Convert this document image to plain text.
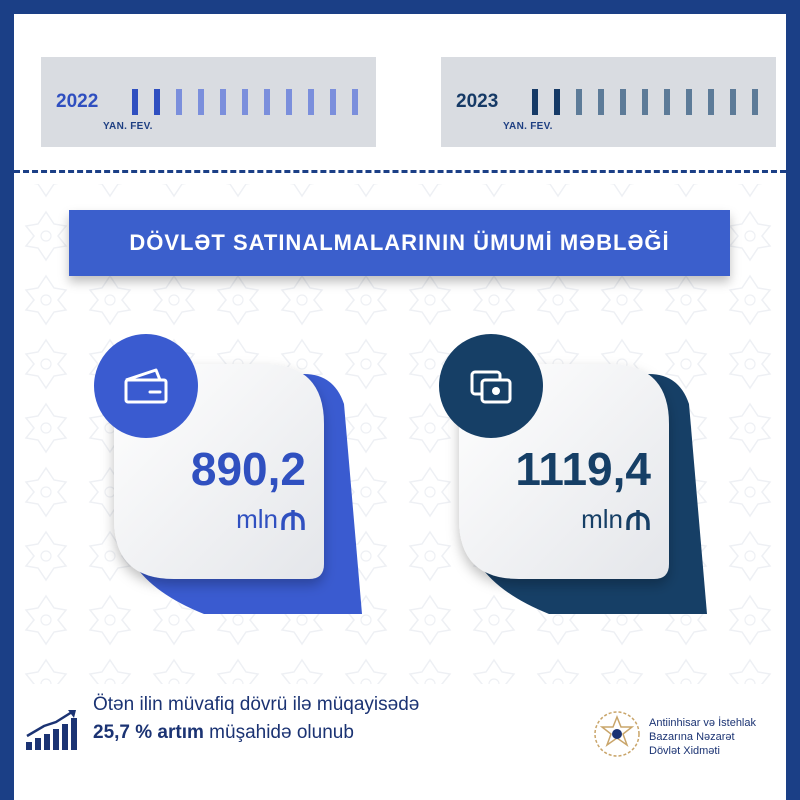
2022
YAN. FEV.
2023
YAN. FEV.
DÖVLƏT SATINALMALARININ ÜMUMİ MƏBLƏĞİ
890,2
mln
1119,4
mln
Ötən ilin müvafiq dövrü ilə müqayisədə
25,7 % artım müşahidə olunub	Antiinhisar və İstehlak
Bazarına Nəzarət
Dövlət Xidməti
